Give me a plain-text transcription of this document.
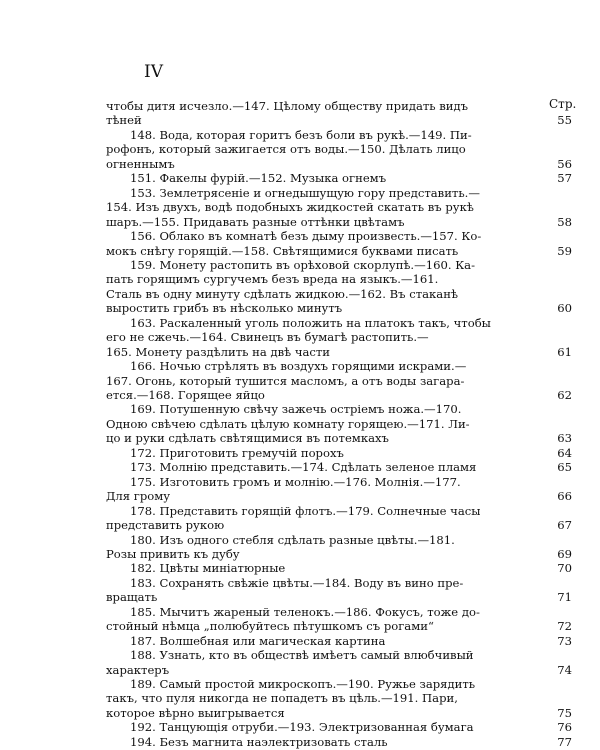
IV
Стр.
чтобы дитя исчезло.—147. Цѣлому обществу придать видъ
тѣней	55
148. Вода, которая горитъ безъ боли въ рукѣ.—149. Пи-
рофонъ, который зажигается отъ воды.—150. Дѣлать лицо
огненнымъ	56
151. Факелы фурій.—152. Музыка огнемъ	57
153. Землетрясеніе и огнедышущую гору представить.—
154. Изъ двухъ, водѣ подобныхъ жидкостей скатать въ рукѣ
шаръ.—155. Придавать разные оттѣнки цвѣтамъ	58
156. Облако въ комнатѣ безъ дыму произвесть.—157. Ко-
мокъ снѣгу горящій.—158. Свѣтящимися буквами писать	59
159. Монету растопить въ орѣховой скорлупѣ.—160. Ка-
пать горящимъ сургучемъ безъ вреда на языкъ.—161.
Сталь въ одну минуту сдѣлать жидкою.—162. Въ стаканѣ
выростить грибъ въ нѣсколько минутъ	60
163. Раскаленный уголь положить на платокъ такъ, чтобы
его не сжечь.—164. Свинецъ въ бумагѣ растопить.—
165. Монету раздѣлить на двѣ части	61
166. Ночью стрѣлять въ воздухъ горящими искрами.—
167. Огонь, который тушится масломъ, а отъ воды загара-
ется.—168. Горящее яйцо	62
169. Потушенную свѣчу зажечь остріемъ ножа.—170.
Одною свѣчею сдѣлать цѣлую комнату горящею.—171. Ли-
цо и руки сдѣлать свѣтящимися въ потемкахъ	63
172. Приготовить гремучій порохъ	64
173. Молнію представить.—174. Сдѣлать зеленое пламя	65
175. Изготовить громъ и молнію.—176. Молнія.—177.
Для грому	66
178. Представить горящій флотъ.—179. Солнечные часы
представить рукою	67
180. Изъ одного стебля сдѣлать разные цвѣты.—181.
Розы привить къ дубу	69
182. Цвѣты миніатюрные	70
183. Сохранять свѣжіе цвѣты.—184. Воду въ вино пре-
вращать	71
185. Мычитъ жареный теленокъ.—186. Фокусъ, тоже до-
стойный нѣмца „полюбуйтесь пѣтушкомъ съ рогами“	72
187. Волшебная или магическая картина	73
188. Узнать, кто въ обществѣ имѣетъ самый влюбчивый
характеръ	74
189. Самый простой микроскопъ.—190. Ружье зарядить
такъ, что пуля никогда не попадетъ въ цѣль.—191. Пари,
которое вѣрно выигрывается	75
192. Танцующія отруби.—193. Электризованная бумага	76
194. Безъ магнита наэлектризовать сталь	77
